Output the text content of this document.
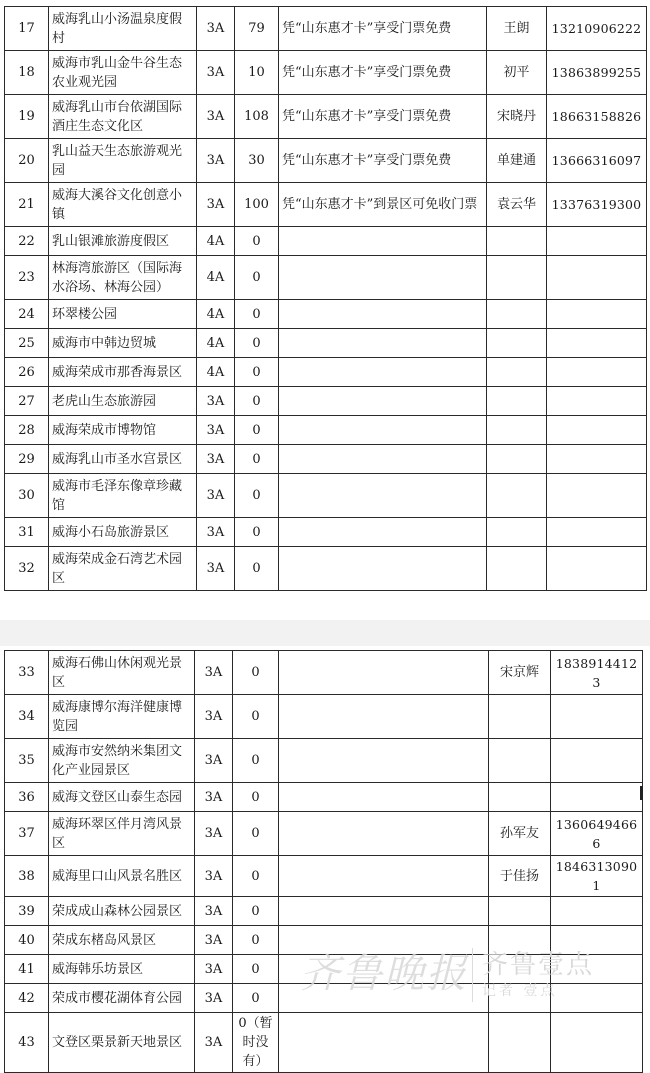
17	威海乳山小汤温泉度假村	3A	79	凭“山东惠才卡”享受门票免费	王朗	13210906222
18	威海市乳山金牛谷生态农业观光园	3A	10	凭“山东惠才卡”享受门票免费	初平	13863899255
19	威海乳山市台依湖国际酒庄生态文化区	3A	108	凭“山东惠才卡”享受门票免费	宋晓丹	18663158826
20	乳山益天生态旅游观光园	3A	30	凭“山东惠才卡”享受门票免费	单建通	13666316097
21	威海大溪谷文化创意小镇	3A	100	凭“山东惠才卡”到景区可免收门票	袁云华	13376319300
22	乳山银滩旅游度假区	4A	0			
23	林海湾旅游区（国际海水浴场、林海公园）	4A	0			
24	环翠楼公园	4A	0			
25	威海市中韩边贸城	4A	0			
26	威海荣成市那香海景区	4A	0			
27	老虎山生态旅游园	3A	0			
28	威海荣成市博物馆	3A	0			
29	威海乳山市圣水宫景区	3A	0			
30	威海市毛泽东像章珍藏馆	3A	0			
31	威海小石岛旅游景区	3A	0			
32	威海荣成金石湾艺术园区	3A	0			
33	威海石佛山休闲观光景区	3A	0		宋京辉	18389144123
34	威海康博尔海洋健康博览园	3A	0			
35	威海市安然纳米集团文化产业园景区	3A	0			
36	威海文登区山泰生态园	3A	0			
37	威海环翠区伴月湾风景区	3A	0		孙军友	13606494666
38	威海里口山风景名胜区	3A	0		于佳扬	18463130901
39	荣成成山森林公园景区	3A	0			
40	荣成东楮岛风景区	3A	0			
41	威海韩乐坊景区	3A	0			
42	荣成市樱花湖体育公园	3A	0			
43	文登区栗景新天地景区	3A	0（暂时没有）			
齐鲁晚报 齐鲁壹点
记者 壹点
